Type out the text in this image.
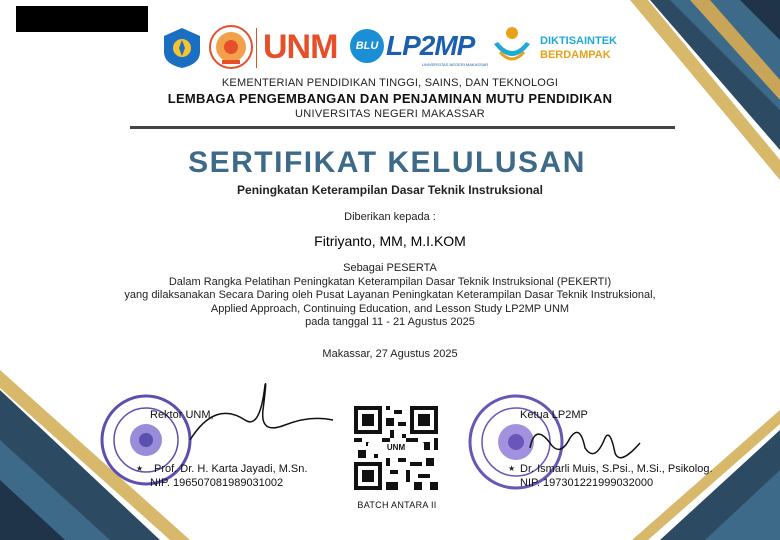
UNM	BLU LP2MP
UNIVERSITAS NEGERI MAKASSAR
DIKTISAINTEK
BERDAMPAK
KEMENTERIAN PENDIDIKAN TINGGI, SAINS, DAN TEKNOLOGI
LEMBAGA PENGEMBANGAN DAN PENJAMINAN MUTU PENDIDIKAN
UNIVERSITAS NEGERI MAKASSAR
SERTIFIKAT KELULUSAN
Peningkatan Keterampilan Dasar Teknik Instruksional
Diberikan kepada :
Fitriyanto, MM, M.I.KOM
Sebagai PESERTA
Dalam Rangka Pelatihan Peningkatan Keterampilan Dasar Teknik Instruksional (PEKERTI)
yang dilaksanakan Secara Daring oleh Pusat Layanan Peningkatan Keterampilan Dasar Teknik Instruksional,
Applied Approach, Continuing Education, and Lesson Study LP2MP UNM
pada tanggal 11 - 21 Agustus 2025
Makassar, 27 Agustus 2025
★
Rektor UNM,
Prof. Dr. H. Karta Jayadi, M.Sn.
NIP. 196507081989031002
UNM
BATCH ANTARA II
★
Ketua LP2MP
Dr. Ismarli Muis, S.Psi., M.Si., Psikolog.
NIP. 197301221999032000
